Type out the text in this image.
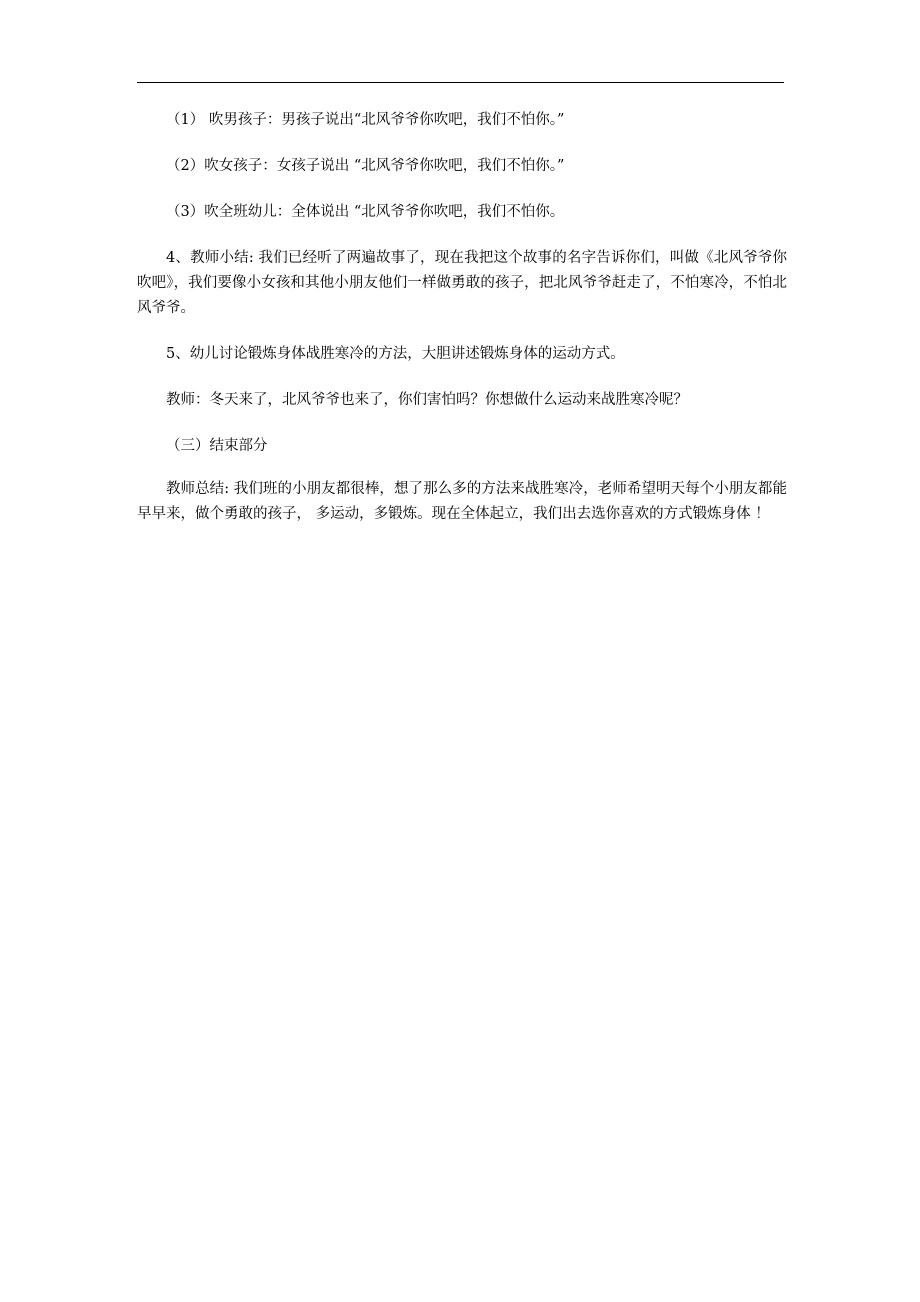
（1） 吹男孩子：男孩子说出“北风爷爷你吹吧，我们不怕你。”

（2）吹女孩子：女孩子说出 “北风爷爷你吹吧，我们不怕你。”

（3）吹全班幼儿：全体说出 “北风爷爷你吹吧，我们不怕你。

4、教师小结: 我们已经听了两遍故事了，现在我把这个故事的名字告诉你们，叫做《北风爷爷你吹吧》，我们要像小女孩和其他小朋友他们一样做勇敢的孩子，把北风爷爷赶走了，不怕寒冷，不怕北风爷爷。

5、幼儿讨论锻炼身体战胜寒冷的方法，大胆讲述锻炼身体的运动方式。

教师：冬天来了，北风爷爷也来了，你们害怕吗？你想做什么运动来战胜寒冷呢？

（三）结束部分

教师总结: 我们班的小朋友都很棒，想了那么多的方法来战胜寒冷，老师希望明天每个小朋友都能早早来，做个勇敢的孩子， 多运动，多锻炼。现在全体起立，我们出去选你喜欢的方式锻炼身体 ！
